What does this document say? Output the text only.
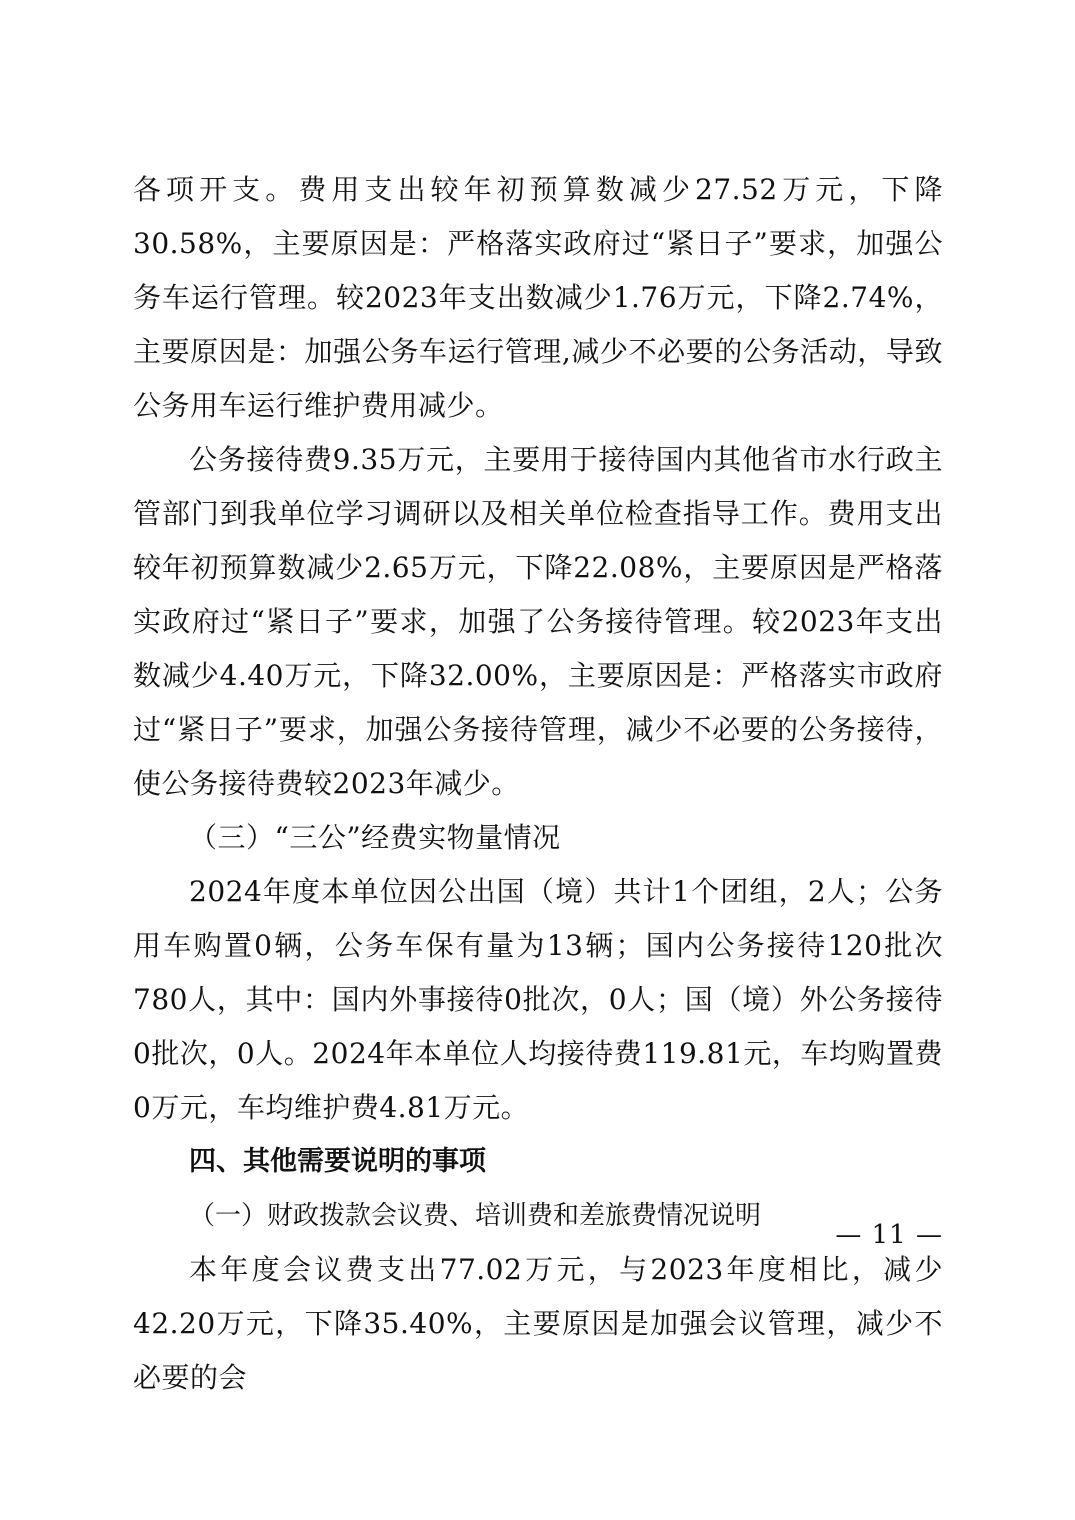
各项开支。费用支出较年初预算数减少27.52万元，下降30.58%，主要原因是：严格落实政府过“紧日子”要求，加强公务车运行管理。较2023年支出数减少1.76万元，下降2.74%，主要原因是：加强公务车运行管理,减少不必要的公务活动，导致公务用车运行维护费用减少。

公务接待费9.35万元，主要用于接待国内其他省市水行政主管部门到我单位学习调研以及相关单位检查指导工作。费用支出较年初预算数减少2.65万元，下降22.08%，主要原因是严格落实政府过“紧日子”要求，加强了公务接待管理。较2023年支出数减少4.40万元，下降32.00%，主要原因是：严格落实市政府过“紧日子”要求，加强公务接待管理，减少不必要的公务接待，使公务接待费较2023年减少。

（三）“三公”经费实物量情况

2024年度本单位因公出国（境）共计1个团组，2人；公务用车购置0辆，公务车保有量为13辆；国内公务接待120批次780人，其中：国内外事接待0批次，0人；国（境）外公务接待0批次，0人。2024年本单位人均接待费119.81元，车均购置费0万元，车均维护费4.81万元。

四、其他需要说明的事项

（一）财政拨款会议费、培训费和差旅费情况说明

本年度会议费支出77.02万元，与2023年度相比，减少42.20万元，下降35.40%，主要原因是加强会议管理，减少不必要的会

— 11 —
